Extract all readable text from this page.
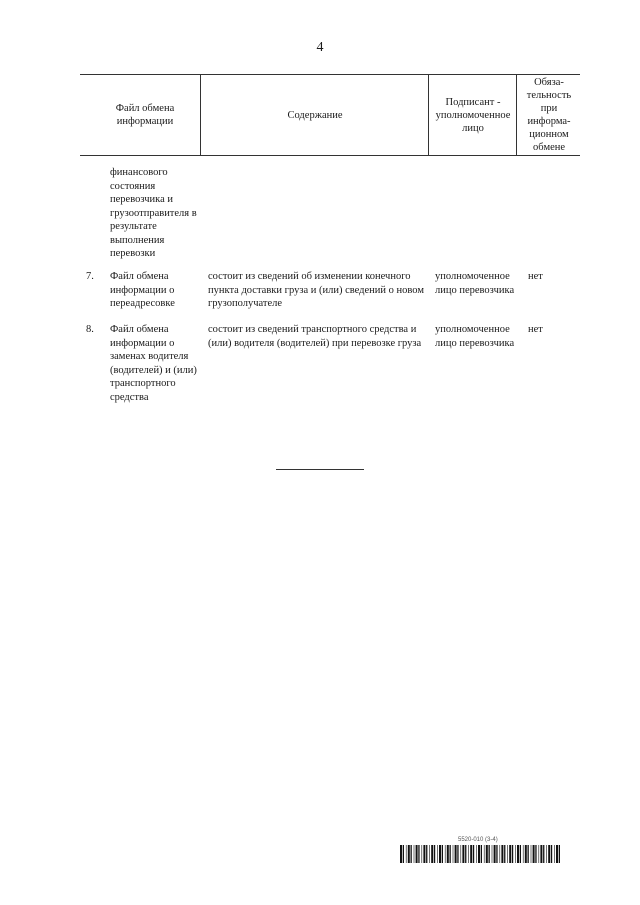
4
Файл обмена информации
Содержание
Подписант - уполномоченное лицо
Обяза-тельность при информа-ционном обмене
финансового состояния перевозчика и грузоотправителя в результате выполнения перевозки
7. Файл обмена информации о переадресовке
состоит из сведений об изменении конечного пункта доставки груза и (или) сведений о новом грузополучателе
уполномоченное лицо перевозчика
нет
8. Файл обмена информации о заменах водителя (водителей) и (или) транспортного средства
состоит из сведений транспортного средства и (или) водителя (водителей) при перевозке груза
уполномоченное лицо перевозчика
нет
5520-010 (3-4)
